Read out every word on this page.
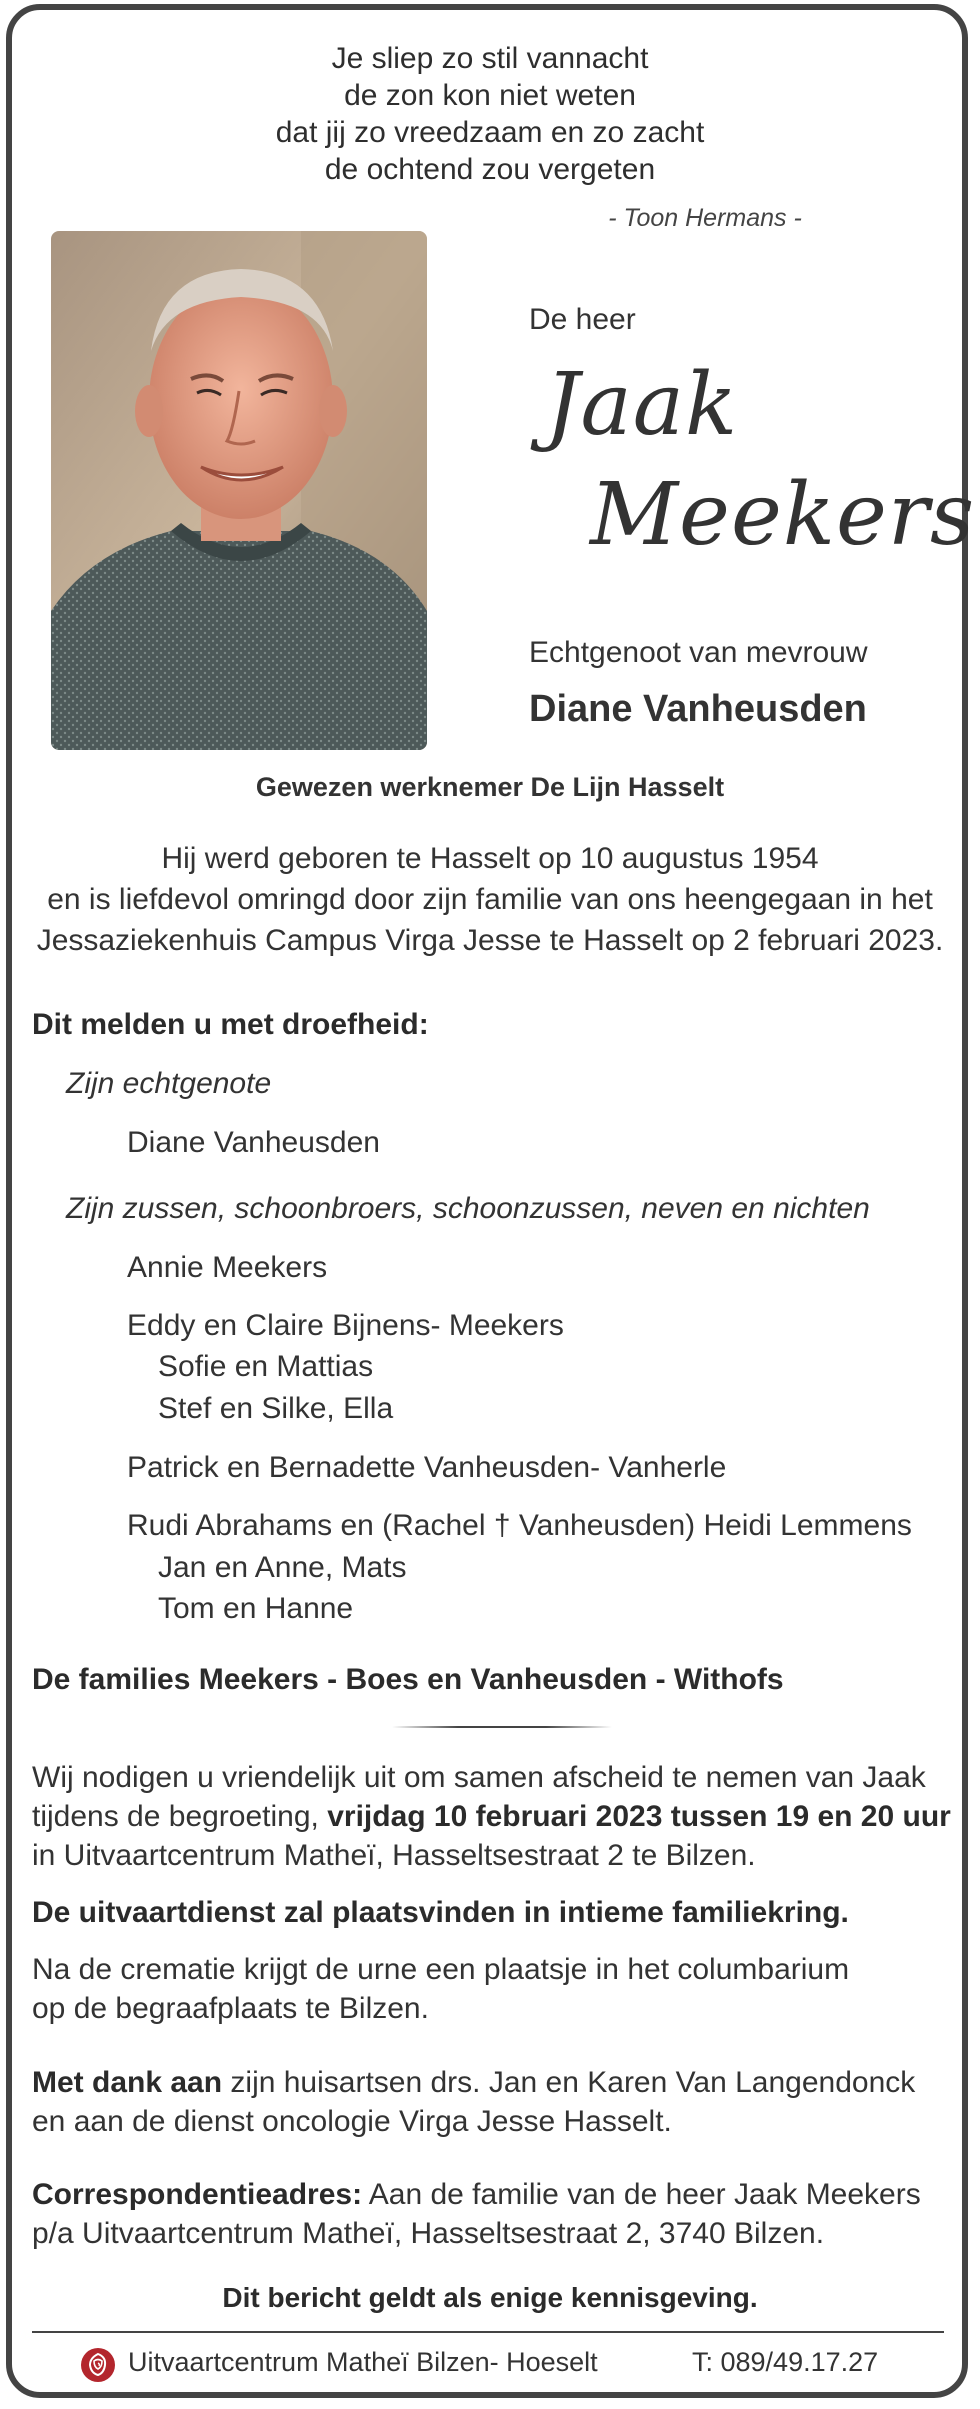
Je sliep zo stil vannacht
de zon kon niet weten
dat jij zo vreedzaam en zo zacht
de ochtend zou vergeten
- Toon Hermans -
De heer
Jaak
Meekers
Echtgenoot van mevrouw
Diane Vanheusden
Gewezen werknemer De Lijn Hasselt
Hij werd geboren te Hasselt op 10 augustus 1954
en is liefdevol omringd door zijn familie van ons heengegaan in het
Jessaziekenhuis Campus Virga Jesse te Hasselt op 2 februari 2023.
Dit melden u met droefheid:
Zijn echtgenote
Diane Vanheusden
Zijn zussen, schoonbroers, schoonzussen, neven en nichten
Annie Meekers
Eddy en Claire Bijnens- Meekers
Sofie en Mattias
Stef en Silke, Ella
Patrick en Bernadette Vanheusden- Vanherle
Rudi Abrahams en (Rachel † Vanheusden) Heidi Lemmens
Jan en Anne, Mats
Tom en Hanne
De families Meekers - Boes en Vanheusden - Withofs
Wij nodigen u vriendelijk uit om samen afscheid te nemen van Jaak
tijdens de begroeting, vrijdag 10 februari 2023 tussen 19 en 20 uur
in Uitvaartcentrum Matheï, Hasseltsestraat 2 te Bilzen.
De uitvaartdienst zal plaatsvinden in intieme familiekring.
Na de crematie krijgt de urne een plaatsje in het columbarium
op de begraafplaats te Bilzen.
Met dank aan zijn huisartsen drs. Jan en Karen Van Langendonck
en aan de dienst oncologie Virga Jesse Hasselt.
Correspondentieadres: Aan de familie van de heer Jaak Meekers
p/a Uitvaartcentrum Matheï, Hasseltsestraat 2, 3740 Bilzen.
Dit bericht geldt als enige kennisgeving.
Uitvaartcentrum Matheï Bilzen- Hoeselt	T: 089/49.17.27
